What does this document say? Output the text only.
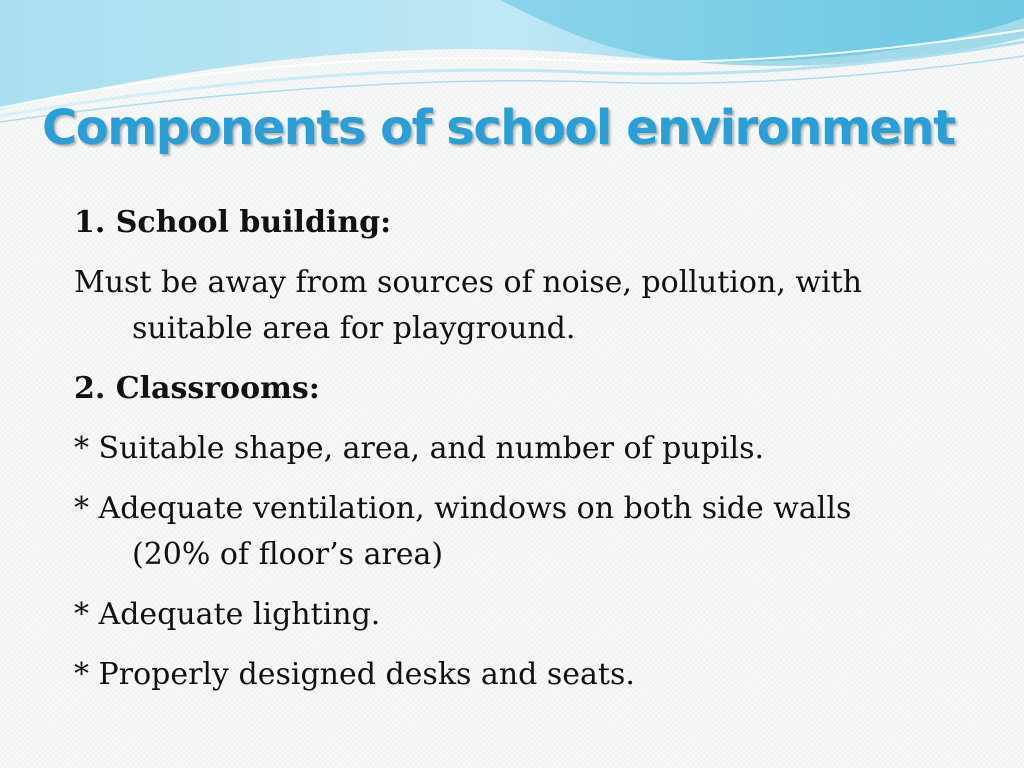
Components of school environment

1. School building:

Must be away from sources of noise, pollution, with

suitable area for playground.

2. Classrooms:

* Suitable shape, area, and number of pupils.

* Adequate ventilation, windows on both side walls

(20% of floor’s area)

* Adequate lighting.

* Properly designed desks and seats.
